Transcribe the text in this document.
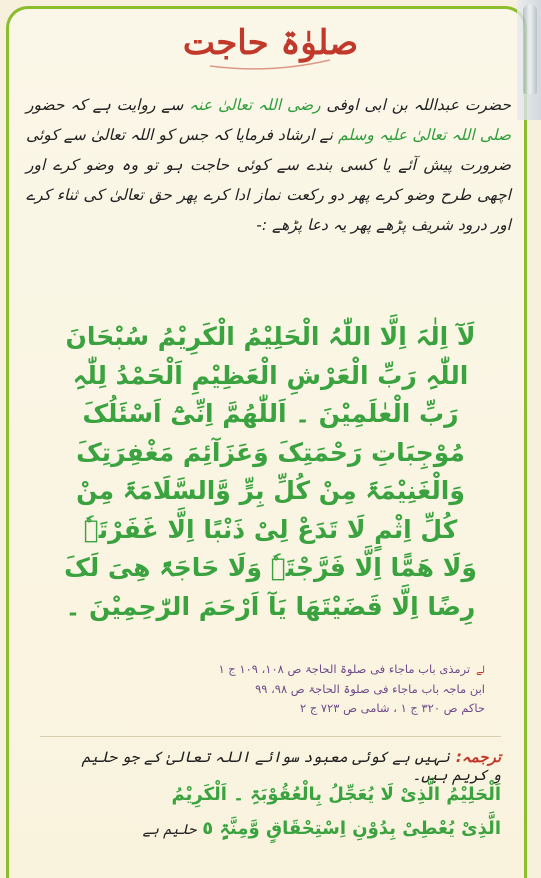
صلوٰۃ حاجت
حضرت عبداللہ بن ابی اوفی رضی اللہ تعالیٰ عنہ سے روایت ہے کہ حضور صلی اللہ تعالیٰ علیہ وسلم نے ارشاد فرمایا کہ جس کو اللہ تعالیٰ سے کوئی ضرورت پیش آئے یا کسی بندے سے کوئی حاجت ہو تو وہ وضو کرے اور اچھی طرح وضو کرے پھر دو رکعت نماز ادا کرے پھر حق تعالیٰ کی ثناء کرے اور درود شریف پڑھے پھر یہ دعا پڑھے :-
لَآ اِلٰہَ اِلَّا اللّٰہُ الْحَلِیْمُ الْکَرِیْمُ سُبْحَانَ
اللّٰہِ رَبِّ الْعَرْشِ الْعَظِیْمِ اَلْحَمْدُ لِلّٰہِ
رَبِّ الْعٰلَمِیْنَ ۔ اَللّٰھُمَّ اِنِّیْٓ اَسْئَلُکَ
مُوْجِبَاتِ رَحْمَتِکَ وَعَزَآئِمَ مَغْفِرَتِکَ
وَالْغَنِیْمَۃَ مِنْ کُلِّ بِرٍّ وَّالسَّلَامَۃَ مِنْ
کُلِّ اِثْمٍ لَا تَدَعْ لِیْ ذَنْبًا اِلَّا غَفَرْتَہٗ
وَلَا ھَمًّا اِلَّا فَرَّجْتَہٗ وَلَا حَاجَۃً ھِیَ لَکَ
رِضًا اِلَّا قَضَیْتَھَا یَآ اَرْحَمَ الرّٰحِمِیْنَ ۔
لےترمذی باب ماجاء فی صلوۃ الحاجۃ ص ۱۰۸، ۱۰۹ ج ۱
ابن ماجہ باب ماجاء فی صلوۃ الحاجۃ ص ۹۸، ۹۹
حاکم ص ۳۲۰ ج ۱ ، شامی ص ۷۲۳ ج ۲
ترجمہ:نہیں ہے کوئی معبود سوائے اللہ تعالیٰ کے جو حلیم و کریم ہیں۔
اَلْحَلِیْمُ الَّذِیْ لَا یُعَجِّلُ بِالْعُقُوْبَۃِ ۔ اَلْکَرِیْمُ
الَّذِیْ یُعْطِیْ بِدُوْنِ اِسْتِحْقَاقٍ وَّمِنَّۃٍ ٥حلیم ہے
